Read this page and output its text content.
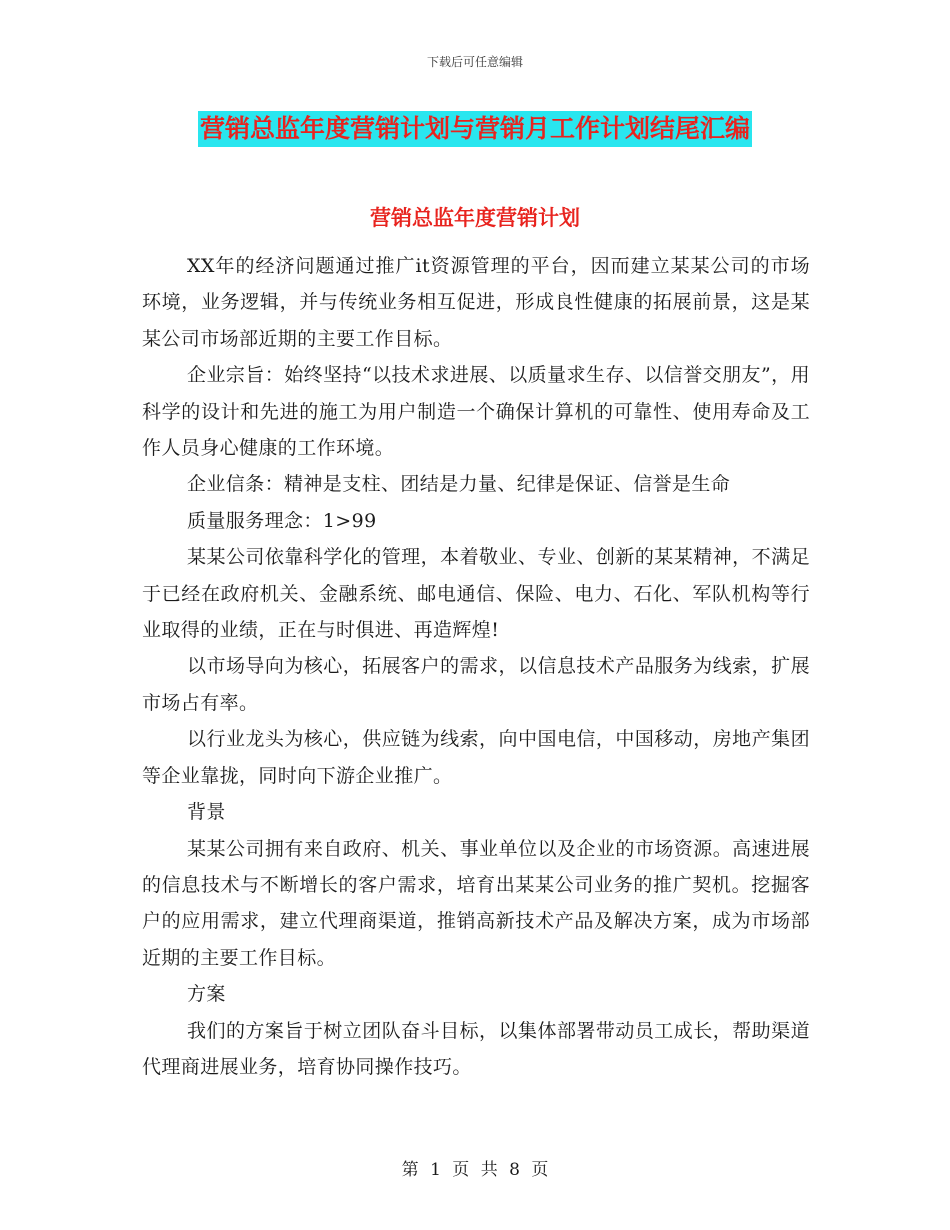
下载后可任意编辑
营销总监年度营销计划与营销月工作计划结尾汇编
营销总监年度营销计划

XX年的经济问题通过推广it资源管理的平台，因而建立某某公司的市场环境，业务逻辑，并与传统业务相互促进，形成良性健康的拓展前景，这是某某公司市场部近期的主要工作目标。

企业宗旨：始终坚持“以技术求进展、以质量求生存、以信誉交朋友”，用科学的设计和先进的施工为用户制造一个确保计算机的可靠性、使用寿命及工作人员身心健康的工作环境。

企业信条：精神是支柱、团结是力量、纪律是保证、信誉是生命

质量服务理念：1>99

某某公司依靠科学化的管理，本着敬业、专业、创新的某某精神，不满足于已经在政府机关、金融系统、邮电通信、保险、电力、石化、军队机构等行业取得的业绩，正在与时俱进、再造辉煌!

以市场导向为核心，拓展客户的需求，以信息技术产品服务为线索，扩展市场占有率。

以行业龙头为核心，供应链为线索，向中国电信，中国移动，房地产集团等企业靠拢，同时向下游企业推广。

背景

某某公司拥有来自政府、机关、事业单位以及企业的市场资源。高速进展的信息技术与不断增长的客户需求，培育出某某公司业务的推广契机。挖掘客户的应用需求，建立代理商渠道，推销高新技术产品及解决方案，成为市场部近期的主要工作目标。

方案

我们的方案旨于树立团队奋斗目标，以集体部署带动员工成长，帮助渠道代理商进展业务，培育协同操作技巧。

第 1 页 共 8 页
